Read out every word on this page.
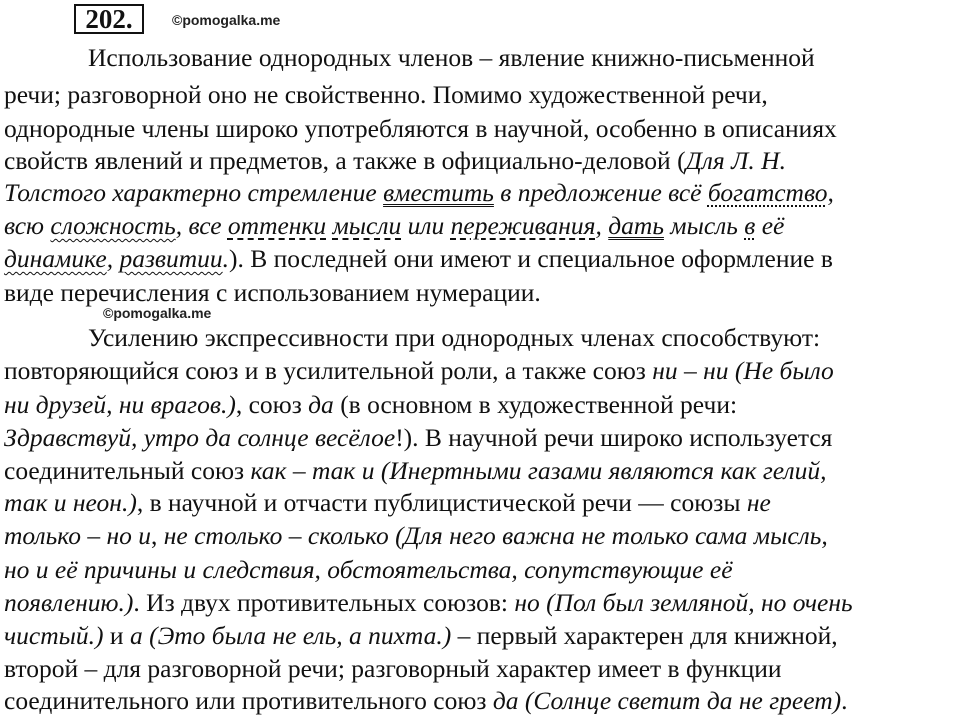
202.	©pomogalka.me
Использование однородных членов – явление книжно-письменной
речи; разговорной оно не свойственно. Помимо художественной речи,
однородные члены широко употребляются в научной, особенно в описаниях
свойств явлений и предметов, а также в официально-деловой (Для Л. Н.
Толстого характерно стремление вместить в предложение всё богатство,
всю сложность, все оттенки мысли или переживания, дать мысль в её
динамике, развитии.). В последней они имеют и специальное оформление в
виде перечисления с использованием нумерации.
©pomogalka.me
Усилению экспрессивности при однородных членах способствуют:
повторяющийся союз и в усилительной роли, а также союз ни – ни (Не было
ни друзей, ни врагов.), союз да (в основном в художественной речи:
Здравствуй, утро да солнце весёлое!). В научной речи широко используется
соединительный союз как – так и (Инертными газами являются как гелий,
так и неон.), в научной и отчасти публицистической речи — союзы не
только – но и, не столько – сколько (Для него важна не только сама мысль,
но и её причины и следствия, обстоятельства, сопутствующие её
появлению.). Из двух противительных союзов: но (Пол был земляной, но очень
чистый.) и а (Это была не ель, а пихта.) – первый характерен для книжной,
второй – для разговорной речи; разговорный характер имеет в функции
соединительного или противительного союз да (Солнце светит да не греет).
